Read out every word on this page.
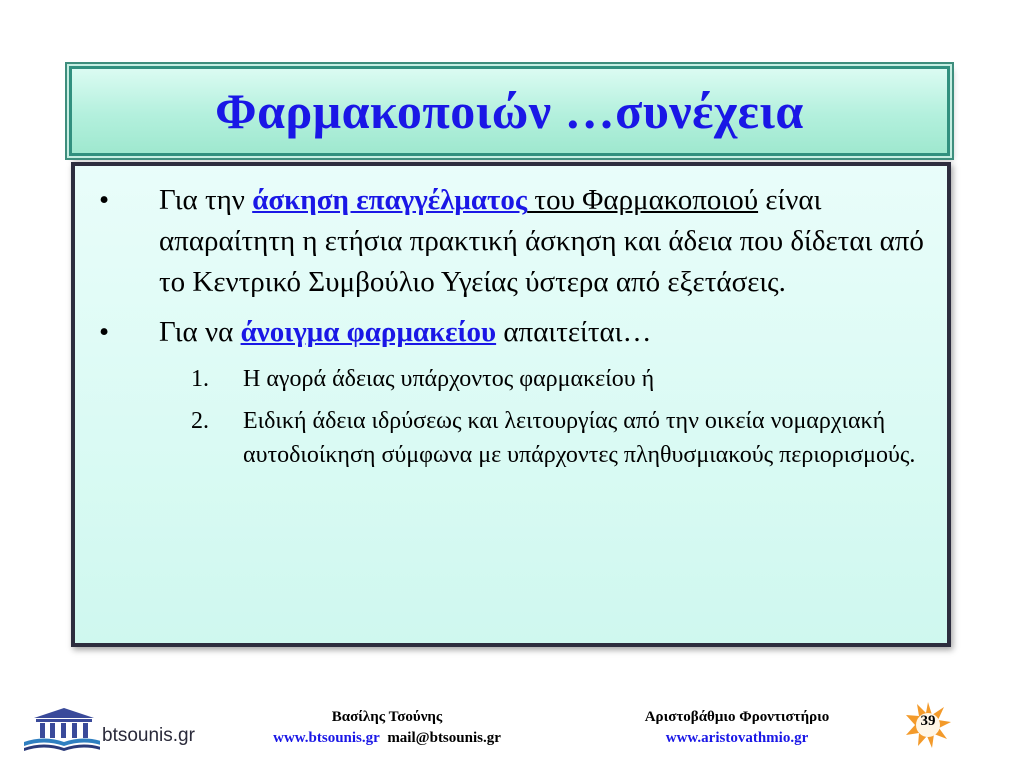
Φαρμακοποιών …συνέχεια
• Για την άσκηση επαγγέλματος του Φαρμακοποιού είναι απαραίτητη η ετήσια πρακτική άσκηση και άδεια που δίδεται από το Κεντρικό Συμβούλιο Υγείας ύστερα από εξετάσεις.
• Για να άνοιγμα φαρμακείου απαιτείται…
1. Η αγορά άδειας υπάρχοντος φαρμακείου ή
2. Ειδική άδεια ιδρύσεως και λειτουργίας από την οικεία νομαρχιακή αυτοδιοίκηση σύμφωνα με υπάρχοντες πληθυσμιακούς περιορισμούς.
btsounis.gr
Βασίλης Τσούνης
www.btsounis.gr mail@btsounis.gr
Αριστοβάθμιο Φροντιστήριο
www.aristovathmio.gr
39
